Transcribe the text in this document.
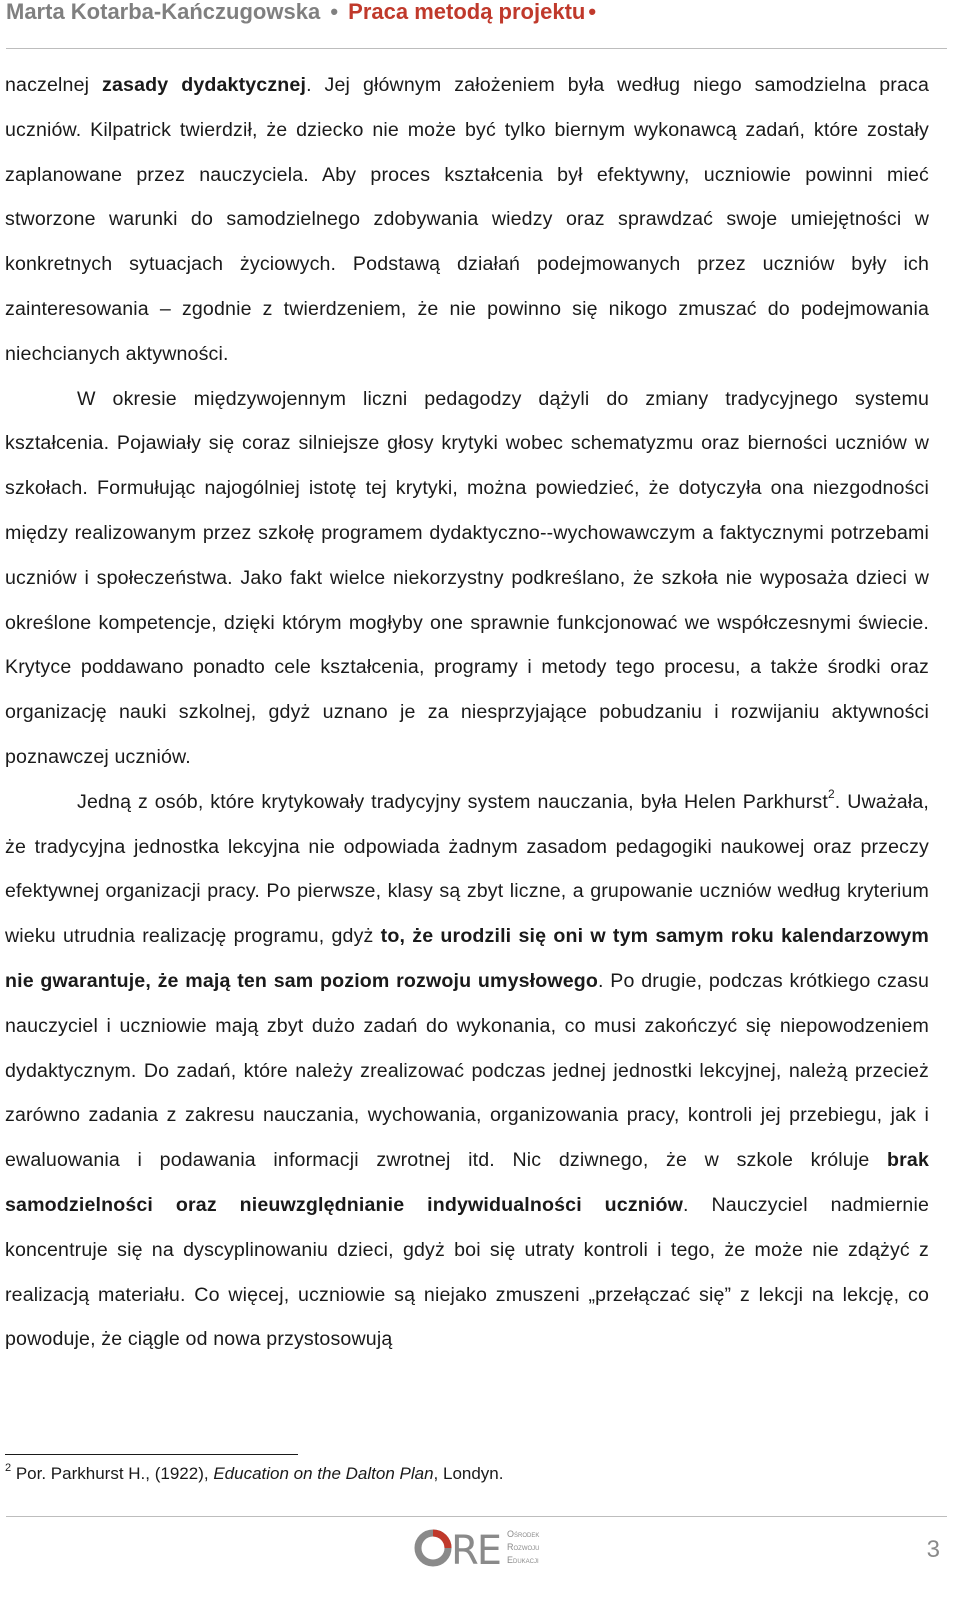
Marta Kotarba-Kańczugowska • Praca metodą projektu •

naczelnej zasady dydaktycznej. Jej głównym założeniem była według niego samodzielna praca uczniów. Kilpatrick twierdził, że dziecko nie może być tylko biernym wykonawcą zadań, które zostały zaplanowane przez nauczyciela. Aby proces kształcenia był efektywny, uczniowie powinni mieć stworzone warunki do samodzielnego zdobywania wiedzy oraz sprawdzać swoje umiejętności w konkretnych sytuacjach życiowych. Podstawą działań podejmowanych przez uczniów były ich zainteresowania – zgodnie z twierdzeniem, że nie powinno się nikogo zmuszać do podejmowania niechcianych aktywności.

W okresie międzywojennym liczni pedagodzy dążyli do zmiany tradycyjnego systemu kształcenia. Pojawiały się coraz silniejsze głosy krytyki wobec schematyzmu oraz bierności uczniów w szkołach. Formułując najogólniej istotę tej krytyki, można powiedzieć, że dotyczyła ona niezgodności między realizowanym przez szkołę programem dydaktyczno--wychowawczym a faktycznymi potrzebami uczniów i społeczeństwa. Jako fakt wielce niekorzystny podkreślano, że szkoła nie wyposaża dzieci w określone kompetencje, dzięki którym mogłyby one sprawnie funkcjonować we współczesnymi świecie. Krytyce poddawano ponadto cele kształcenia, programy i metody tego procesu, a także środki oraz organizację nauki szkolnej, gdyż uznano je za niesprzyjające pobudzaniu i rozwijaniu aktywności poznawczej uczniów.

Jedną z osób, które krytykowały tradycyjny system nauczania, była Helen Parkhurst$^2$. Uważała, że tradycyjna jednostka lekcyjna nie odpowiada żadnym zasadom pedagogiki naukowej oraz przeczy efektywnej organizacji pracy. Po pierwsze, klasy są zbyt liczne, a grupowanie uczniów według kryterium wieku utrudnia realizację programu, gdyż to, że urodzili się oni w tym samym roku kalendarzowym nie gwarantuje, że mają ten sam poziom rozwoju umysłowego. Po drugie, podczas krótkiego czasu nauczyciel i uczniowie mają zbyt dużo zadań do wykonania, co musi zakończyć się niepowodzeniem dydaktycznym. Do zadań, które należy zrealizować podczas jednej jednostki lekcyjnej, należą przecież zarówno zadania z zakresu nauczania, wychowania, organizowania pracy, kontroli jej przebiegu, jak i ewaluowania i podawania informacji zwrotnej itd. Nic dziwnego, że w szkole króluje brak samodzielności oraz nieuwzględnianie indywidualności uczniów. Nauczyciel nadmiernie koncentruje się na dyscyplinowaniu dzieci, gdyż boi się utraty kontroli i tego, że może nie zdążyć z realizacją materiału. Co więcej, uczniowie są niejako zmuszeni „przełączać się” z lekcji na lekcję, co powoduje, że ciągle od nowa przystosowują

$^2$ Por. Parkhurst H., (1922), Education on the Dalton Plan, Londyn.
RE Ośrodek
Rozwoju
Edukacji	3
